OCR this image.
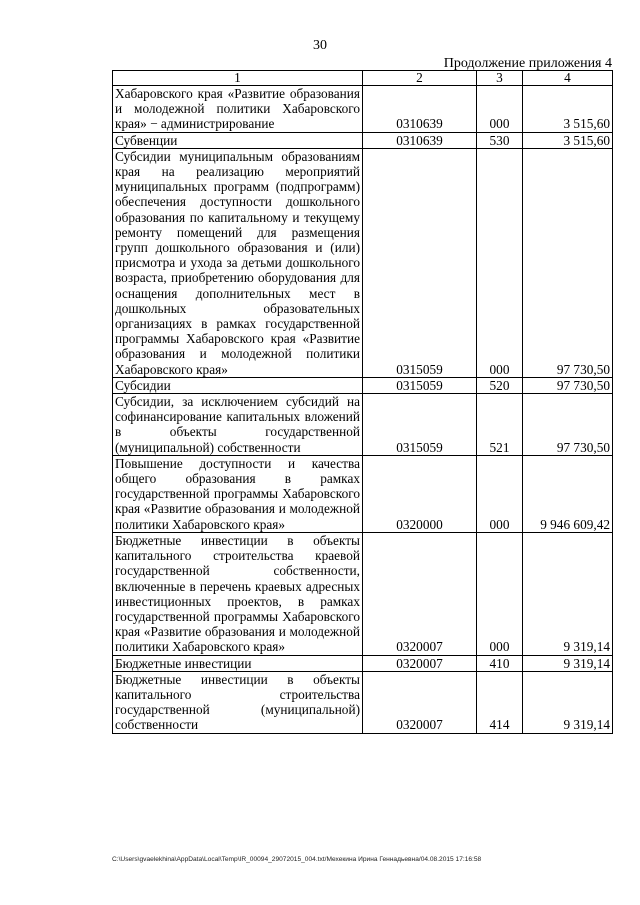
30
Продолжение приложения 4
1	2	3	4
Хабаровского края «Развитие образования и молодежной политики Хабаровского края» − администрирование	0310639	000	3 515,60
Субвенции	0310639	530	3 515,60
Субсидии муниципальным образованиям края на реализацию мероприятий муниципальных программ (подпрограмм) обеспечения доступности дошкольного образования по капитальному и текущему ремонту помещений для размещения групп дошкольного образования и (или) присмотра и ухода за детьми дошкольного возраста, приобретению оборудования для оснащения дополнительных мест в дошкольных образовательных организациях в рамках государственной программы Хабаровского края «Развитие образования и молодежной политики Хабаровского края»	0315059	000	97 730,50
Субсидии	0315059	520	97 730,50
Субсидии, за исключением субсидий на софинансирование капитальных вложений в объекты государственной (муниципальной) собственности	0315059	521	97 730,50
Повышение доступности и качества общего образования в рамках государственной программы Хабаровского края «Развитие образования и молодежной политики Хабаровского края»	0320000	000	9 946 609,42
Бюджетные инвестиции в объекты капитального строительства краевой государственной собственности, включенные в перечень краевых адресных инвестиционных проектов, в рамках государственной программы Хабаровского края «Развитие образования и молодежной политики Хабаровского края»	0320007	000	9 319,14
Бюджетные инвестиции	0320007	410	9 319,14
Бюджетные инвестиции в объекты капитального строительства государственной (муниципальной) собственности	0320007	414	9 319,14
C:\Users\gvaelekhina\AppData\Local\Temp\IR_00094_29072015_004.txt/Мехекина Ирина Геннадьевна/04.08.2015 17:16:58
